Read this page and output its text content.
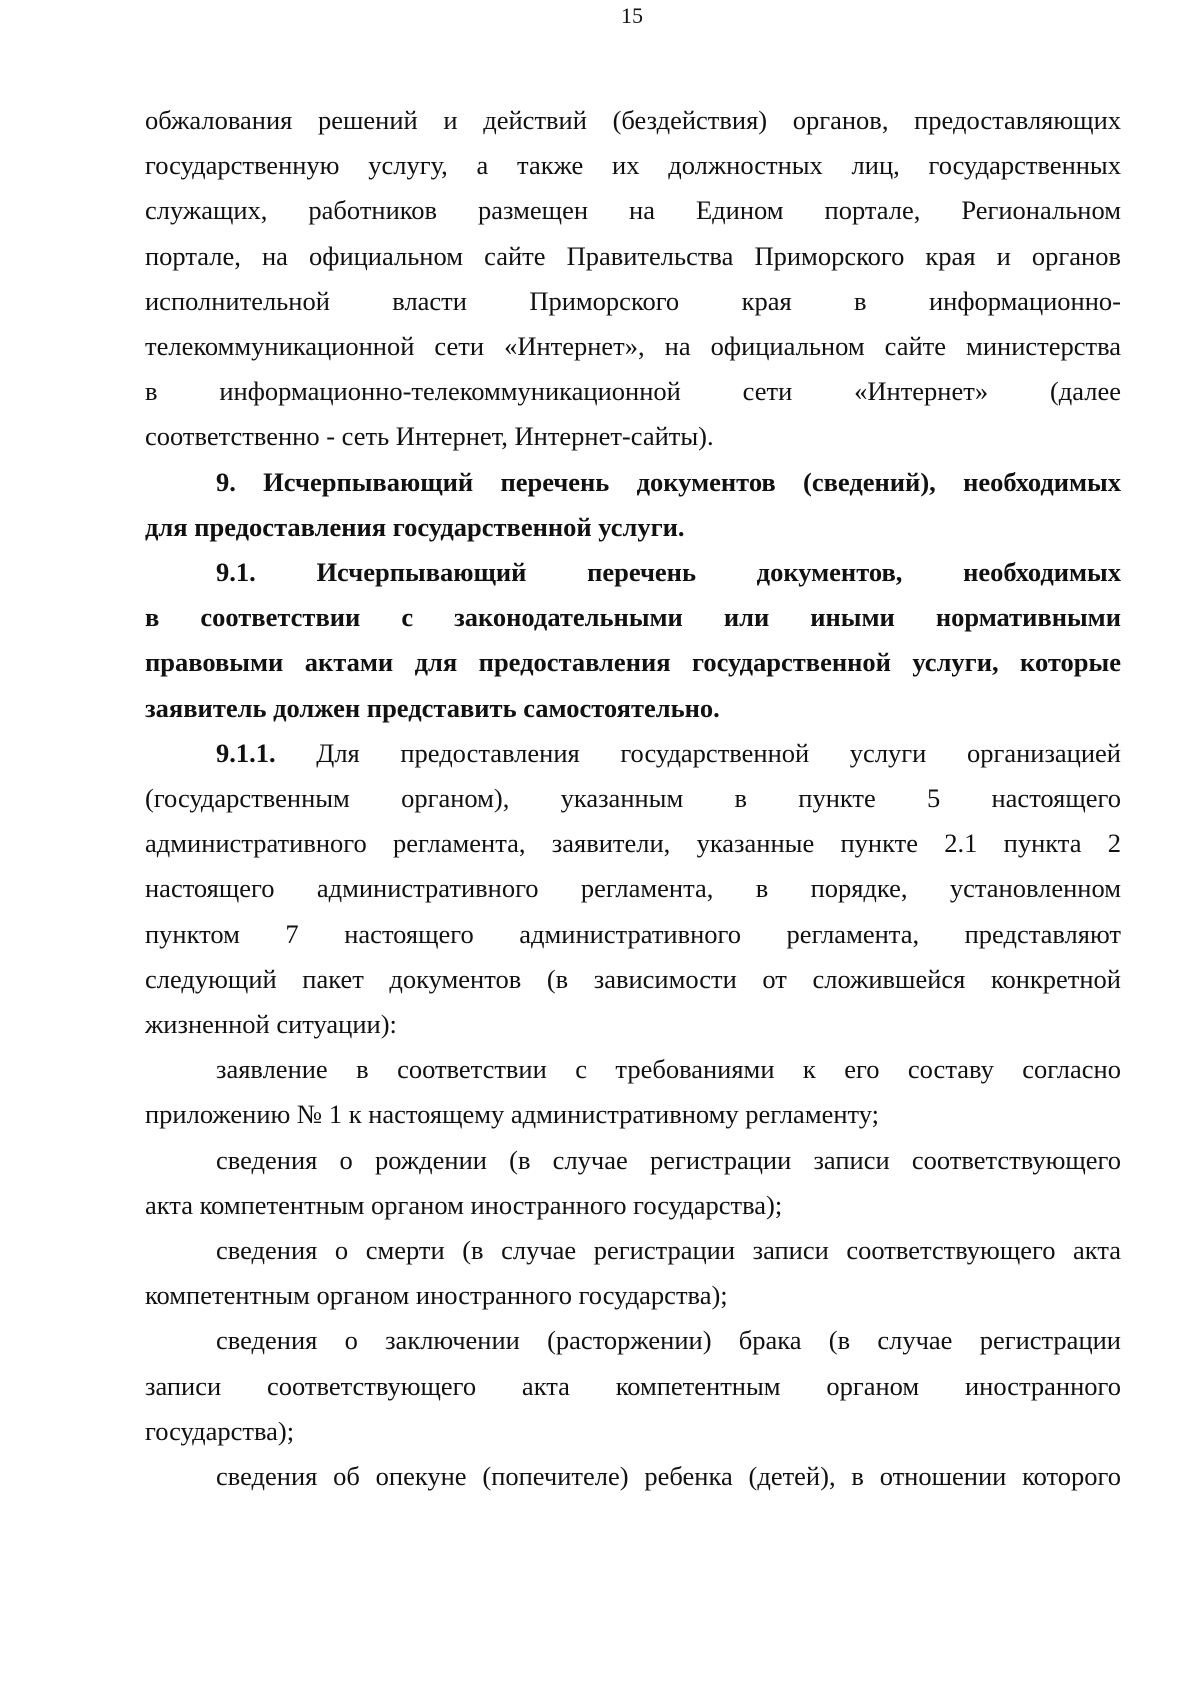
15
обжалования решений и действий (бездействия) органов, предоставляющих
государственную услугу, а также их должностных лиц, государственных
служащих, работников размещен на Едином портале, Региональном
портале, на официальном сайте Правительства Приморского края и органов
исполнительной власти Приморского края в информационно-
телекоммуникационной сети «Интернет», на официальном сайте министерства
в информационно-телекоммуникационной сети «Интернет» (далее
соответственно - сеть Интернет, Интернет-сайты).
9. Исчерпывающий перечень документов (сведений), необходимых
для предоставления государственной услуги.
9.1. Исчерпывающий перечень документов, необходимых
в соответствии с законодательными или иными нормативными
правовыми актами для предоставления государственной услуги, которые
заявитель должен представить самостоятельно.
9.1.1. Для предоставления государственной услуги организацией
(государственным органом), указанным в пункте 5 настоящего
административного регламента, заявители, указанные пункте 2.1 пункта 2
настоящего административного регламента, в порядке, установленном
пунктом 7 настоящего административного регламента, представляют
следующий пакет документов (в зависимости от сложившейся конкретной
жизненной ситуации):
заявление в соответствии с требованиями к его составу согласно
приложению № 1 к настоящему административному регламенту;
сведения о рождении (в случае регистрации записи соответствующего
акта компетентным органом иностранного государства);
сведения о смерти (в случае регистрации записи соответствующего акта
компетентным органом иностранного государства);
сведения о заключении (расторжении) брака (в случае регистрации
записи соответствующего акта компетентным органом иностранного
государства);
сведения об опекуне (попечителе) ребенка (детей), в отношении которого
